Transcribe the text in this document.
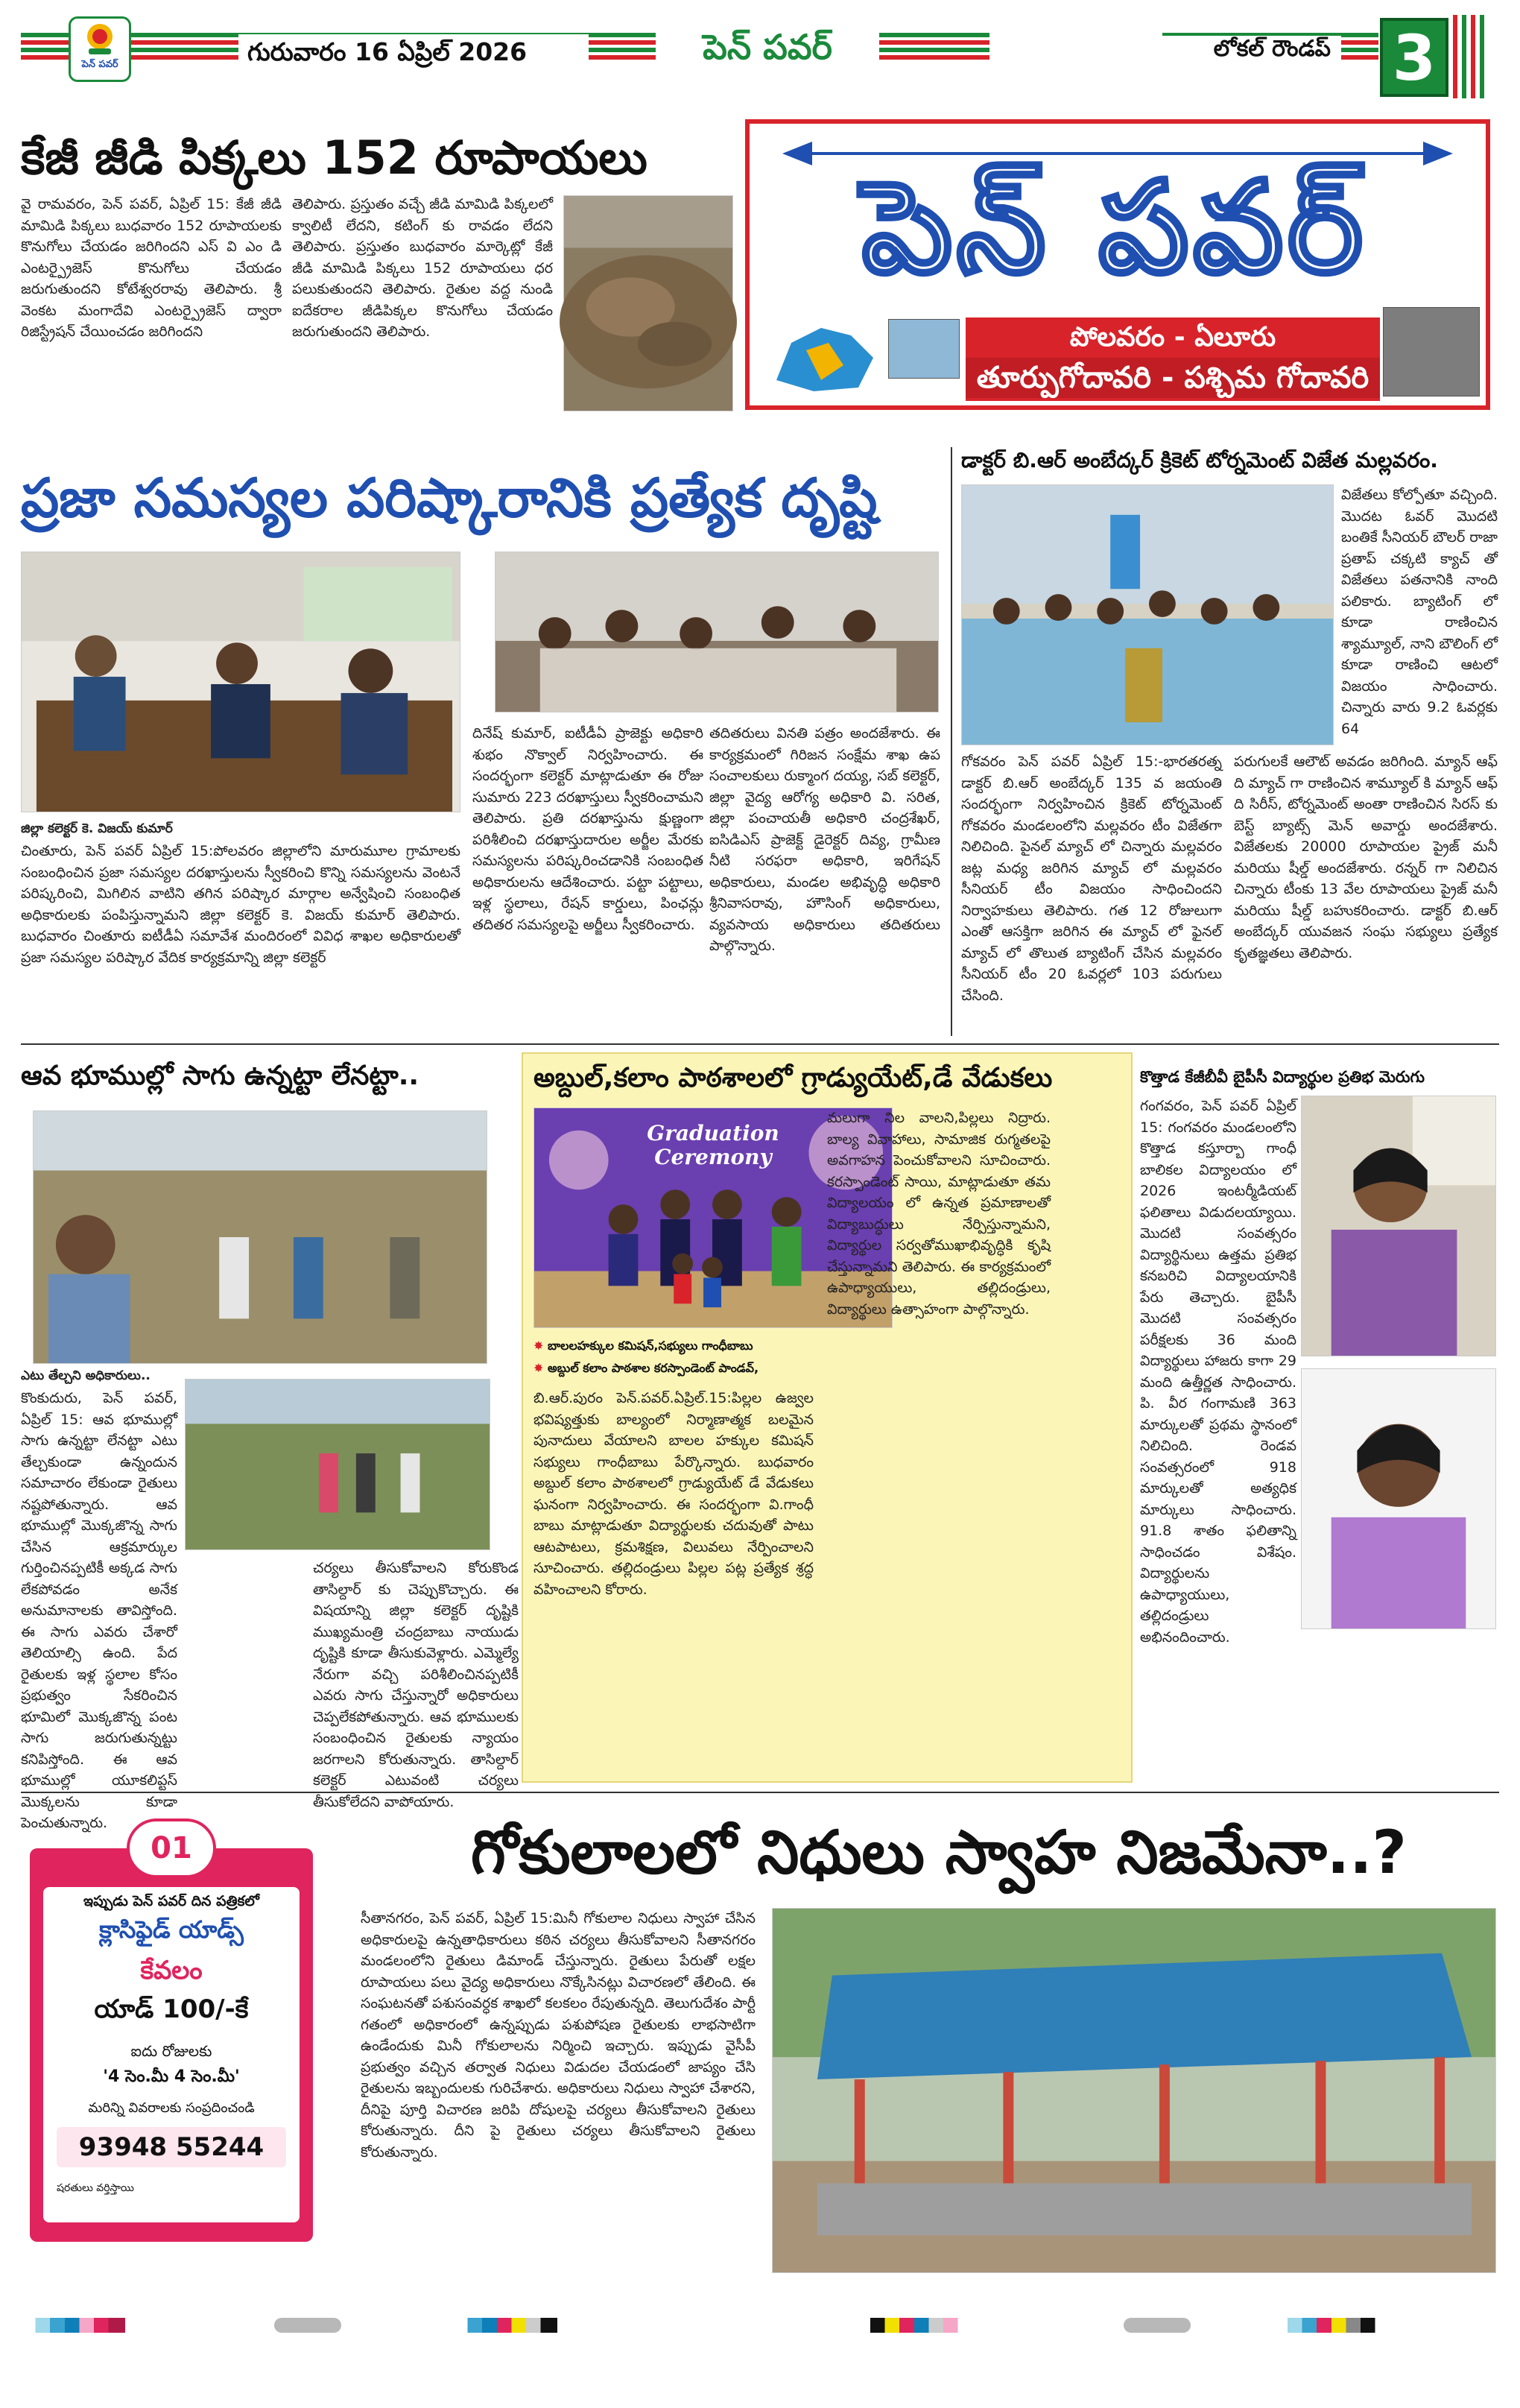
పెన్ పవర్	గురువారం 16 ఏప్రిల్ 2026	పెన్ పవర్	లోకల్ రౌండప్ 3
కేజీ జీడి పిక్కలు 152 రూపాయలు
వై రామవరం, పెన్ పవర్, ఏప్రిల్ 15: కేజీ జీడి మామిడి పిక్కలు బుధవారం 152 రూపాయలకు కొనుగోలు చేయడం జరిగిందని ఎస్ వి ఎం డి ఎంటర్ప్రైజెస్ కొనుగోలు చేయడం జరుగుతుందని కోటేశ్వరరావు తెలిపారు. శ్రీ వెంకట మంగాదేవి ఎంటర్ప్రైజెస్ ద్వారా రిజిస్ట్రేషన్ చేయించడం జరిగిందని
తెలిపారు. ప్రస్తుతం వచ్చే జీడి మామిడి పిక్కలలో క్వాలిటీ లేదని, కటింగ్ కు రావడం లేదని తెలిపారు. ప్రస్తుతం బుధవారం మార్కెట్లో కేజీ జీడి మామిడి పిక్కలు 152 రూపాయలు ధర పలుకుతుందని తెలిపారు. రైతుల వద్ద నుండి ఐదేకరాల జీడిపిక్కల కొనుగోలు చేయడం జరుగుతుందని తెలిపారు.
పెన్ పవర్
పోలవరం - ఏలూరు
తూర్పుగోదావరి - పశ్చిమ గోదావరి
ప్రజా సమస్యల పరిష్కారానికి ప్రత్యేక దృష్టి
జిల్లా కలెక్టర్ కె. విజయ్ కుమార్
చింతూరు, పెన్ పవర్ ఏప్రిల్ 15:పోలవరం జిల్లాలోని మారుమూల గ్రామాలకు సంబంధించిన ప్రజా సమస్యల దరఖాస్తులను స్వీకరించి కొన్ని సమస్యలను వెంటనే పరిష్కరించి, మిగిలిన వాటిని తగిన పరిష్కార మార్గాల అన్వేషించి సంబంధిత అధికారులకు పంపిస్తున్నామని జిల్లా కలెక్టర్ కె. విజయ్ కుమార్ తెలిపారు. బుధవారం చింతూరు ఐటీడీఏ సమావేశ మందిరంలో వివిధ శాఖల అధికారులతో ప్రజా సమస్యల పరిష్కార వేదిక కార్యక్రమాన్ని జిల్లా కలెక్టర్
దినేష్ కుమార్, ఐటీడీఏ ప్రాజెక్టు అధికారి శుభం నొక్వాల్ నిర్వహించారు. ఈ సందర్భంగా కలెక్టర్ మాట్లాడుతూ ఈ రోజు సుమారు 223 దరఖాస్తులు స్వీకరించామని తెలిపారు. ప్రతి దరఖాస్తును క్షుణ్ణంగా పరిశీలించి దరఖాస్తుదారుల అర్జీల మేరకు సమస్యలను పరిష్కరించడానికి సంబంధిత అధికారులను ఆదేశించారు. పట్టా పట్టాలు, ఇళ్ల స్థలాలు, రేషన్ కార్డులు, పింఛన్లు తదితర సమస్యలపై అర్జీలు స్వీకరించారు.
తదితరులు వినతి పత్రం అందజేశారు. ఈ కార్యక్రమంలో గిరిజన సంక్షేమ శాఖ ఉప సంచాలకులు రుక్మాంగ దయ్య, సబ్ కలెక్టర్, జిల్లా వైద్య ఆరోగ్య అధికారి వి. సరిత, జిల్లా పంచాయతీ అధికారి చంద్రశేఖర్, ఐసిడిఎస్ ప్రాజెక్ట్ డైరెక్టర్ దివ్య, గ్రామీణ నీటి సరఫరా అధికారి, ఇరిగేషన్ అధికారులు, మండల అభివృద్ధి అధికారి శ్రీనివాసరావు, హౌసింగ్ అధికారులు, వ్యవసాయ అధికారులు తదితరులు పాల్గొన్నారు.
డాక్టర్ బి.ఆర్ అంబేద్కర్ క్రికెట్ టోర్నమెంట్ విజేత మల్లవరం.
విజేతలు కోల్పోతూ వచ్చింది. మొదట ఓవర్ మొదటి బంతికే సీనియర్ బౌలర్ రాజా ప్రతాప్ చక్కటి క్యాచ్ తో విజేతలు పతనానికి నాంది పలికారు. బ్యాటింగ్ లో కూడా రాణించిన శ్యామ్యూల్, నాని బౌలింగ్ లో కూడా రాణించి ఆటలో విజయం సాధించారు. చిన్నారు వారు 9.2 ఓవర్లకు 64
గోకవరం పెన్ పవర్ ఏప్రిల్ 15:-భారతరత్న డాక్టర్ బి.ఆర్ అంబేద్కర్ 135 వ జయంతి సందర్భంగా నిర్వహించిన క్రికెట్ టోర్నమెంట్ గోకవరం మండలంలోని మల్లవరం టీం విజేతగా నిలిచింది. పైనల్ మ్యాచ్ లో చిన్నారు మల్లవరం జట్ల మధ్య జరిగిన మ్యాచ్ లో మల్లవరం సీనియర్ టీం విజయం సాధించిందని నిర్వాహకులు తెలిపారు. గత 12 రోజులుగా ఎంతో ఆసక్తిగా జరిగిన ఈ మ్యాచ్ లో ఫైనల్ మ్యాచ్ లో తొలుత బ్యాటింగ్ చేసిన మల్లవరం సీనియర్ టీం 20 ఓవర్లలో 103 పరుగులు చేసింది.
పరుగులకే ఆలౌట్ అవడం జరిగింది. మ్యాన్ ఆఫ్ ది మ్యాచ్ గా రాణించిన శామ్యూల్ కి మ్యాన్ ఆఫ్ ది సిరీస్, టోర్నమెంట్ అంతా రాణించిన సిరస్ కు బెస్ట్ బ్యాట్స్ మెన్ అవార్డు అందజేశారు. విజేతలకు 20000 రూపాయల ప్రైజ్ మనీ మరియు షీల్డ్ అందజేశారు. రన్నర్ గా నిలిచిన చిన్నారు టీంకు 13 వేల రూపాయలు ప్రైజ్ మనీ మరియు షీల్డ్ బహుకరించారు. డాక్టర్ బి.ఆర్ అంబేద్కర్ యువజన సంఘ సభ్యులు ప్రత్యేక కృతజ్ఞతలు తెలిపారు.
ఆవ భూముల్లో సాగు ఉన్నట్టా లేనట్టా..
ఎటు తేల్చని అధికారులు..
కొంకుదురు, పెన్ పవర్, ఏప్రిల్ 15: ఆవ భూముల్లో సాగు ఉన్నట్టా లేనట్టా ఎటు తేల్చకుండా ఉన్నందున సమాచారం లేకుండా రైతులు నష్టపోతున్నారు. ఆవ భూముల్లో మొక్కజొన్న సాగు చేసిన ఆక్రమార్కుల గుర్తించినప్పటికీ అక్కడ సాగు లేకపోవడం అనేక అనుమానాలకు తావిస్తోంది. ఈ సాగు ఎవరు చేశారో తెలియాల్సి ఉంది. పేద రైతులకు ఇళ్ల స్థలాల కోసం ప్రభుత్వం సేకరించిన భూమిలో మొక్కజొన్న పంట సాగు జరుగుతున్నట్టు కనిపిస్తోంది. ఈ ఆవ భూముల్లో యూకలిప్టస్ మొక్కలను కూడా పెంచుతున్నారు.
చర్యలు తీసుకోవాలని కోరుకొండ తాసిల్దార్ కు చెప్పుకొచ్చారు. ఈ విషయాన్ని జిల్లా కలెక్టర్ దృష్టికి ముఖ్యమంత్రి చంద్రబాబు నాయుడు దృష్టికి కూడా తీసుకువెళ్లారు. ఎమ్మెల్యే నేరుగా వచ్చి పరిశీలించినప్పటికీ ఎవరు సాగు చేస్తున్నారో అధికారులు చెప్పలేకపోతున్నారు. ఆవ భూములకు సంబంధించిన రైతులకు న్యాయం జరగాలని కోరుతున్నారు. తాసిల్దార్ కలెక్టర్ ఎటువంటి చర్యలు తీసుకోలేదని వాపోయారు.
అబ్దుల్,కలాం పాఠశాలలో గ్రాడ్యుయేట్,డే వేడుకలు
Graduation Ceremony
✸ బాలలహక్కుల కమిషన్,సభ్యులు గాంధీబాబు
✸ అబ్దుల్ కలాం పాఠశాల కరస్పాండెంట్ పాండవ్,
బి.ఆర్.పురం పెన్.పవర్.ఏప్రిల్.15:పిల్లల ఉజ్వల భవిష్యత్తుకు బాల్యంలో నిర్మాణాత్మక బలమైన పునాదులు వేయాలని బాలల హక్కుల కమిషన్ సభ్యులు గాంధీబాబు పేర్కొన్నారు. బుధవారం అబ్దుల్ కలాం పాఠశాలలో గ్రాడ్యుయేట్ డే వేడుకలు ఘనంగా నిర్వహించారు. ఈ సందర్భంగా వి.గాంధీ బాబు మాట్లాడుతూ విద్యార్థులకు చదువుతో పాటు ఆటపాటలు, క్రమశిక్షణ, విలువలు నేర్పించాలని సూచించారు. తల్లిదండ్రులు పిల్లల పట్ల ప్రత్యేక శ్రద్ధ వహించాలని కోరారు.
మలుగా నిల వాలని,పిల్లలు నిద్రారు. బాల్య వివాహాలు, సామాజిక రుగ్మతలపై అవగాహన పెంచుకోవాలని సూచించారు. కరస్పాండెంట్ సాయి, మాట్లాడుతూ తమ విద్యాలయం లో ఉన్నత ప్రమాణాలతో విద్యాబుద్ధులు నేర్పిస్తున్నామని, విద్యార్థుల సర్వతోముఖాభివృద్ధికి కృషి చేస్తున్నామని తెలిపారు. ఈ కార్యక్రమంలో ఉపాధ్యాయులు, తల్లిదండ్రులు, విద్యార్థులు ఉత్సాహంగా పాల్గొన్నారు.
కొత్తాడ కేజీబీవీ బైపీసీ విద్యార్థుల ప్రతిభ మెరుగు
గంగవరం, పెన్ పవర్ ఏప్రిల్ 15: గంగవరం మండలంలోని కొత్తాడ కస్తూర్బా గాంధీ బాలికల విద్యాలయం లో 2026 ఇంటర్మీడియట్ ఫలితాలు విడుదలయ్యాయి. మొదటి సంవత్సరం విద్యార్థినులు ఉత్తమ ప్రతిభ కనబరిచి విద్యాలయానికి పేరు తెచ్చారు. బైపీసీ మొదటి సంవత్సరం పరీక్షలకు 36 మంది విద్యార్థులు హాజరు కాగా 29 మంది ఉత్తీర్ణత సాధించారు. పి. వీర గంగామణి 363 మార్కులతో ప్రథమ స్థానంలో నిలిచింది. రెండవ సంవత్సరంలో 918 మార్కులతో అత్యధిక మార్కులు సాధించారు. 91.8 శాతం ఫలితాన్ని సాధించడం విశేషం. విద్యార్థులను ఉపాధ్యాయులు, తల్లిదండ్రులు అభినందించారు.
01
ఇప్పుడు పెన్ పవర్ దిన పత్రికలో
క్లాసిఫైడ్ యాడ్స్
కేవలం
యాడ్ 100/-కే
ఐదు రోజులకు
'4 సెం.మీ 4 సెం.మీ'
మరిన్ని వివరాలకు సంప్రదించండి
93948 55244
షరతులు వర్తిస్తాయి
గోకులాలలో నిధులు స్వాహ నిజమేనా..?
సీతానగరం, పెన్ పవర్, ఏప్రిల్ 15:మినీ గోకులాల నిధులు స్వాహా చేసిన అధికారులపై ఉన్నతాధికారులు కఠిన చర్యలు తీసుకోవాలని సీతానగరం మండలంలోని రైతులు డిమాండ్ చేస్తున్నారు. రైతులు పేరుతో లక్షల రూపాయలు పలు వైద్య అధికారులు నొక్కేసినట్లు విచారణలో తేలింది. ఈ సంఘటనతో పశుసంవర్ధక శాఖలో కలకలం రేపుతున్నది. తెలుగుదేశం పార్టీ గతంలో అధికారంలో ఉన్నప్పుడు పశుపోషణ రైతులకు లాభసాటిగా ఉండేందుకు మినీ గోకులాలను నిర్మించి ఇచ్చారు. ఇప్పుడు వైసీపీ ప్రభుత్వం వచ్చిన తర్వాత నిధులు విడుదల చేయడంలో జాప్యం చేసి రైతులను ఇబ్బందులకు గురిచేశారు. అధికారులు నిధులు స్వాహా చేశారని, దీనిపై పూర్తి విచారణ జరిపి దోషులపై చర్యలు తీసుకోవాలని రైతులు కోరుతున్నారు. దీని పై రైతులు చర్యలు తీసుకోవాలని రైతులు కోరుతున్నారు.
